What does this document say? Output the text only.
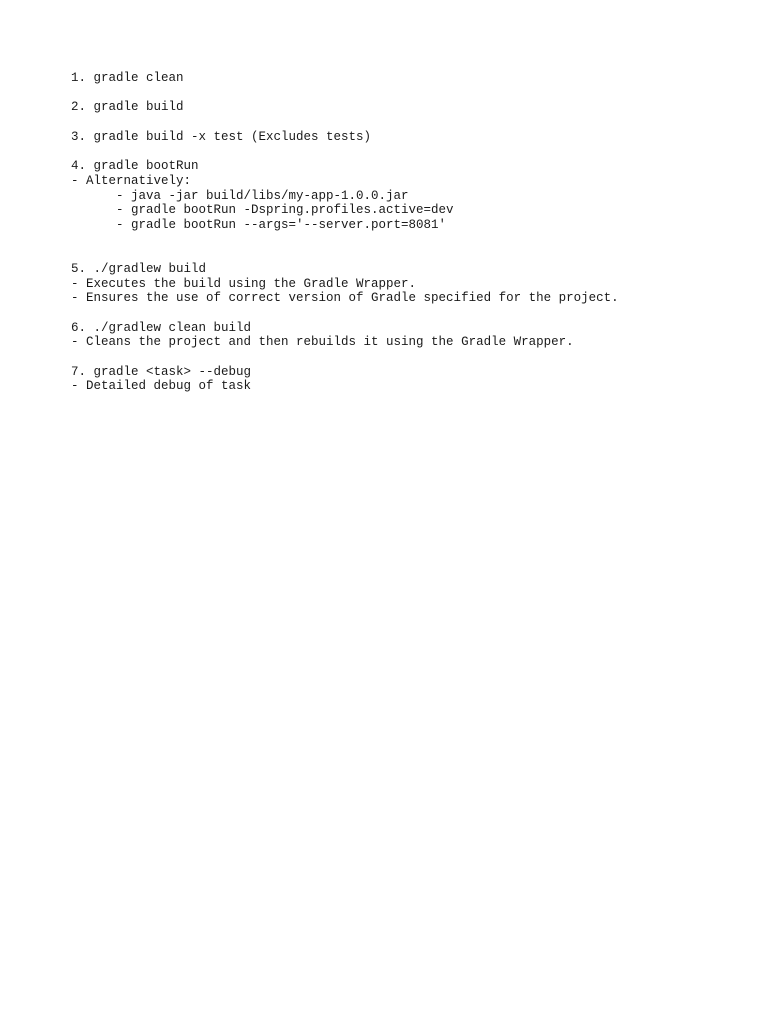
1. gradle clean
2. gradle build
3. gradle build -x test (Excludes tests)
4. gradle bootRun
- Alternatively:
- java -jar build/libs/my-app-1.0.0.jar
- gradle bootRun -Dspring.profiles.active=dev
- gradle bootRun --args='--server.port=8081'
5. ./gradlew build
- Executes the build using the Gradle Wrapper.
- Ensures the use of correct version of Gradle specified for the project.
6. ./gradlew clean build
- Cleans the project and then rebuilds it using the Gradle Wrapper.
7. gradle <task> --debug
- Detailed debug of task
